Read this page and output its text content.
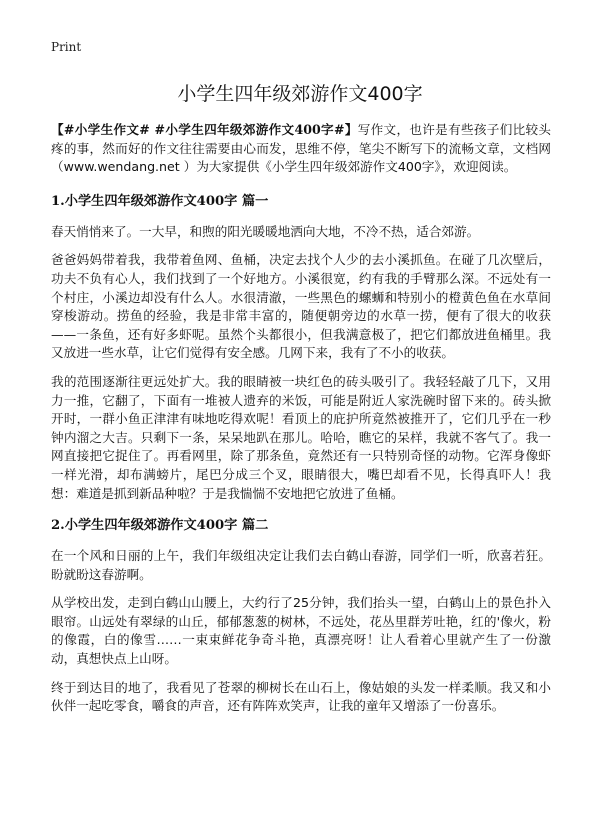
Print
小学生四年级郊游作文400字

【#小学生作文# #小学生四年级郊游作文400字#】写作文，也许是有些孩子们比较头疼的事，然而好的作文往往需要由心而发，思维不停，笔尖不断写下的流畅文章，文档网（www.wendang.net ）为大家提供《小学生四年级郊游作文400字》，欢迎阅读。

1.小学生四年级郊游作文400字 篇一

春天悄悄来了。一大早，和煦的阳光暖暖地洒向大地，不冷不热，适合郊游。

爸爸妈妈带着我，我带着鱼网、鱼桶，决定去找个人少的去小溪抓鱼。在碰了几次壁后，功夫不负有心人，我们找到了一个好地方。小溪很宽，约有我的手臂那么深。不远处有一个村庄，小溪边却没有什么人。水很清澈，一些黑色的螺蛳和特别小的橙黄色鱼在水草间穿梭游动。捞鱼的经验，我是非常丰富的，随便朝旁边的水草一捞，便有了很大的收获——一条鱼，还有好多虾呢。虽然个头都很小，但我满意极了，把它们都放进鱼桶里。我又放进一些水草，让它们觉得有安全感。几网下来，我有了不小的收获。

我的范围逐渐往更远处扩大。我的眼睛被一块红色的砖头吸引了。我轻轻敲了几下，又用力一推，它翻了，下面有一堆被人遗弃的米饭，可能是附近人家洗碗时留下来的。砖头掀开时，一群小鱼正津津有味地吃得欢呢！看顶上的庇护所竟然被推开了，它们几乎在一秒钟内溜之大吉。只剩下一条，呆呆地趴在那儿。哈哈，瞧它的呆样，我就不客气了。我一网直接把它捉住了。再看网里，除了那条鱼，竟然还有一只特别奇怪的动物。它浑身像虾一样光滑，却布满螃片，尾巴分成三个叉，眼睛很大，嘴巴却看不见，长得真吓人！我想：难道是抓到新品种啦？于是我惴惴不安地把它放进了鱼桶。

2.小学生四年级郊游作文400字 篇二

在一个风和日丽的上午，我们年级组决定让我们去白鹤山春游，同学们一听，欣喜若狂。盼就盼这春游啊。

从学校出发，走到白鹤山山腰上，大约行了25分钟，我们抬头一望，白鹤山上的景色扑入眼帘。山远处有翠绿的山丘，郁郁葱葱的树林，不远处，花丛里群芳吐艳，红的'像火，粉的像霞，白的像雪……一束束鲜花争奇斗艳，真漂亮呀！让人看着心里就产生了一份激动，真想快点上山呀。

终于到达目的地了，我看见了苍翠的柳树长在山石上，像姑娘的头发一样柔顺。我又和小伙伴一起吃零食，嚼食的声音，还有阵阵欢笑声，让我的童年又增添了一份喜乐。
